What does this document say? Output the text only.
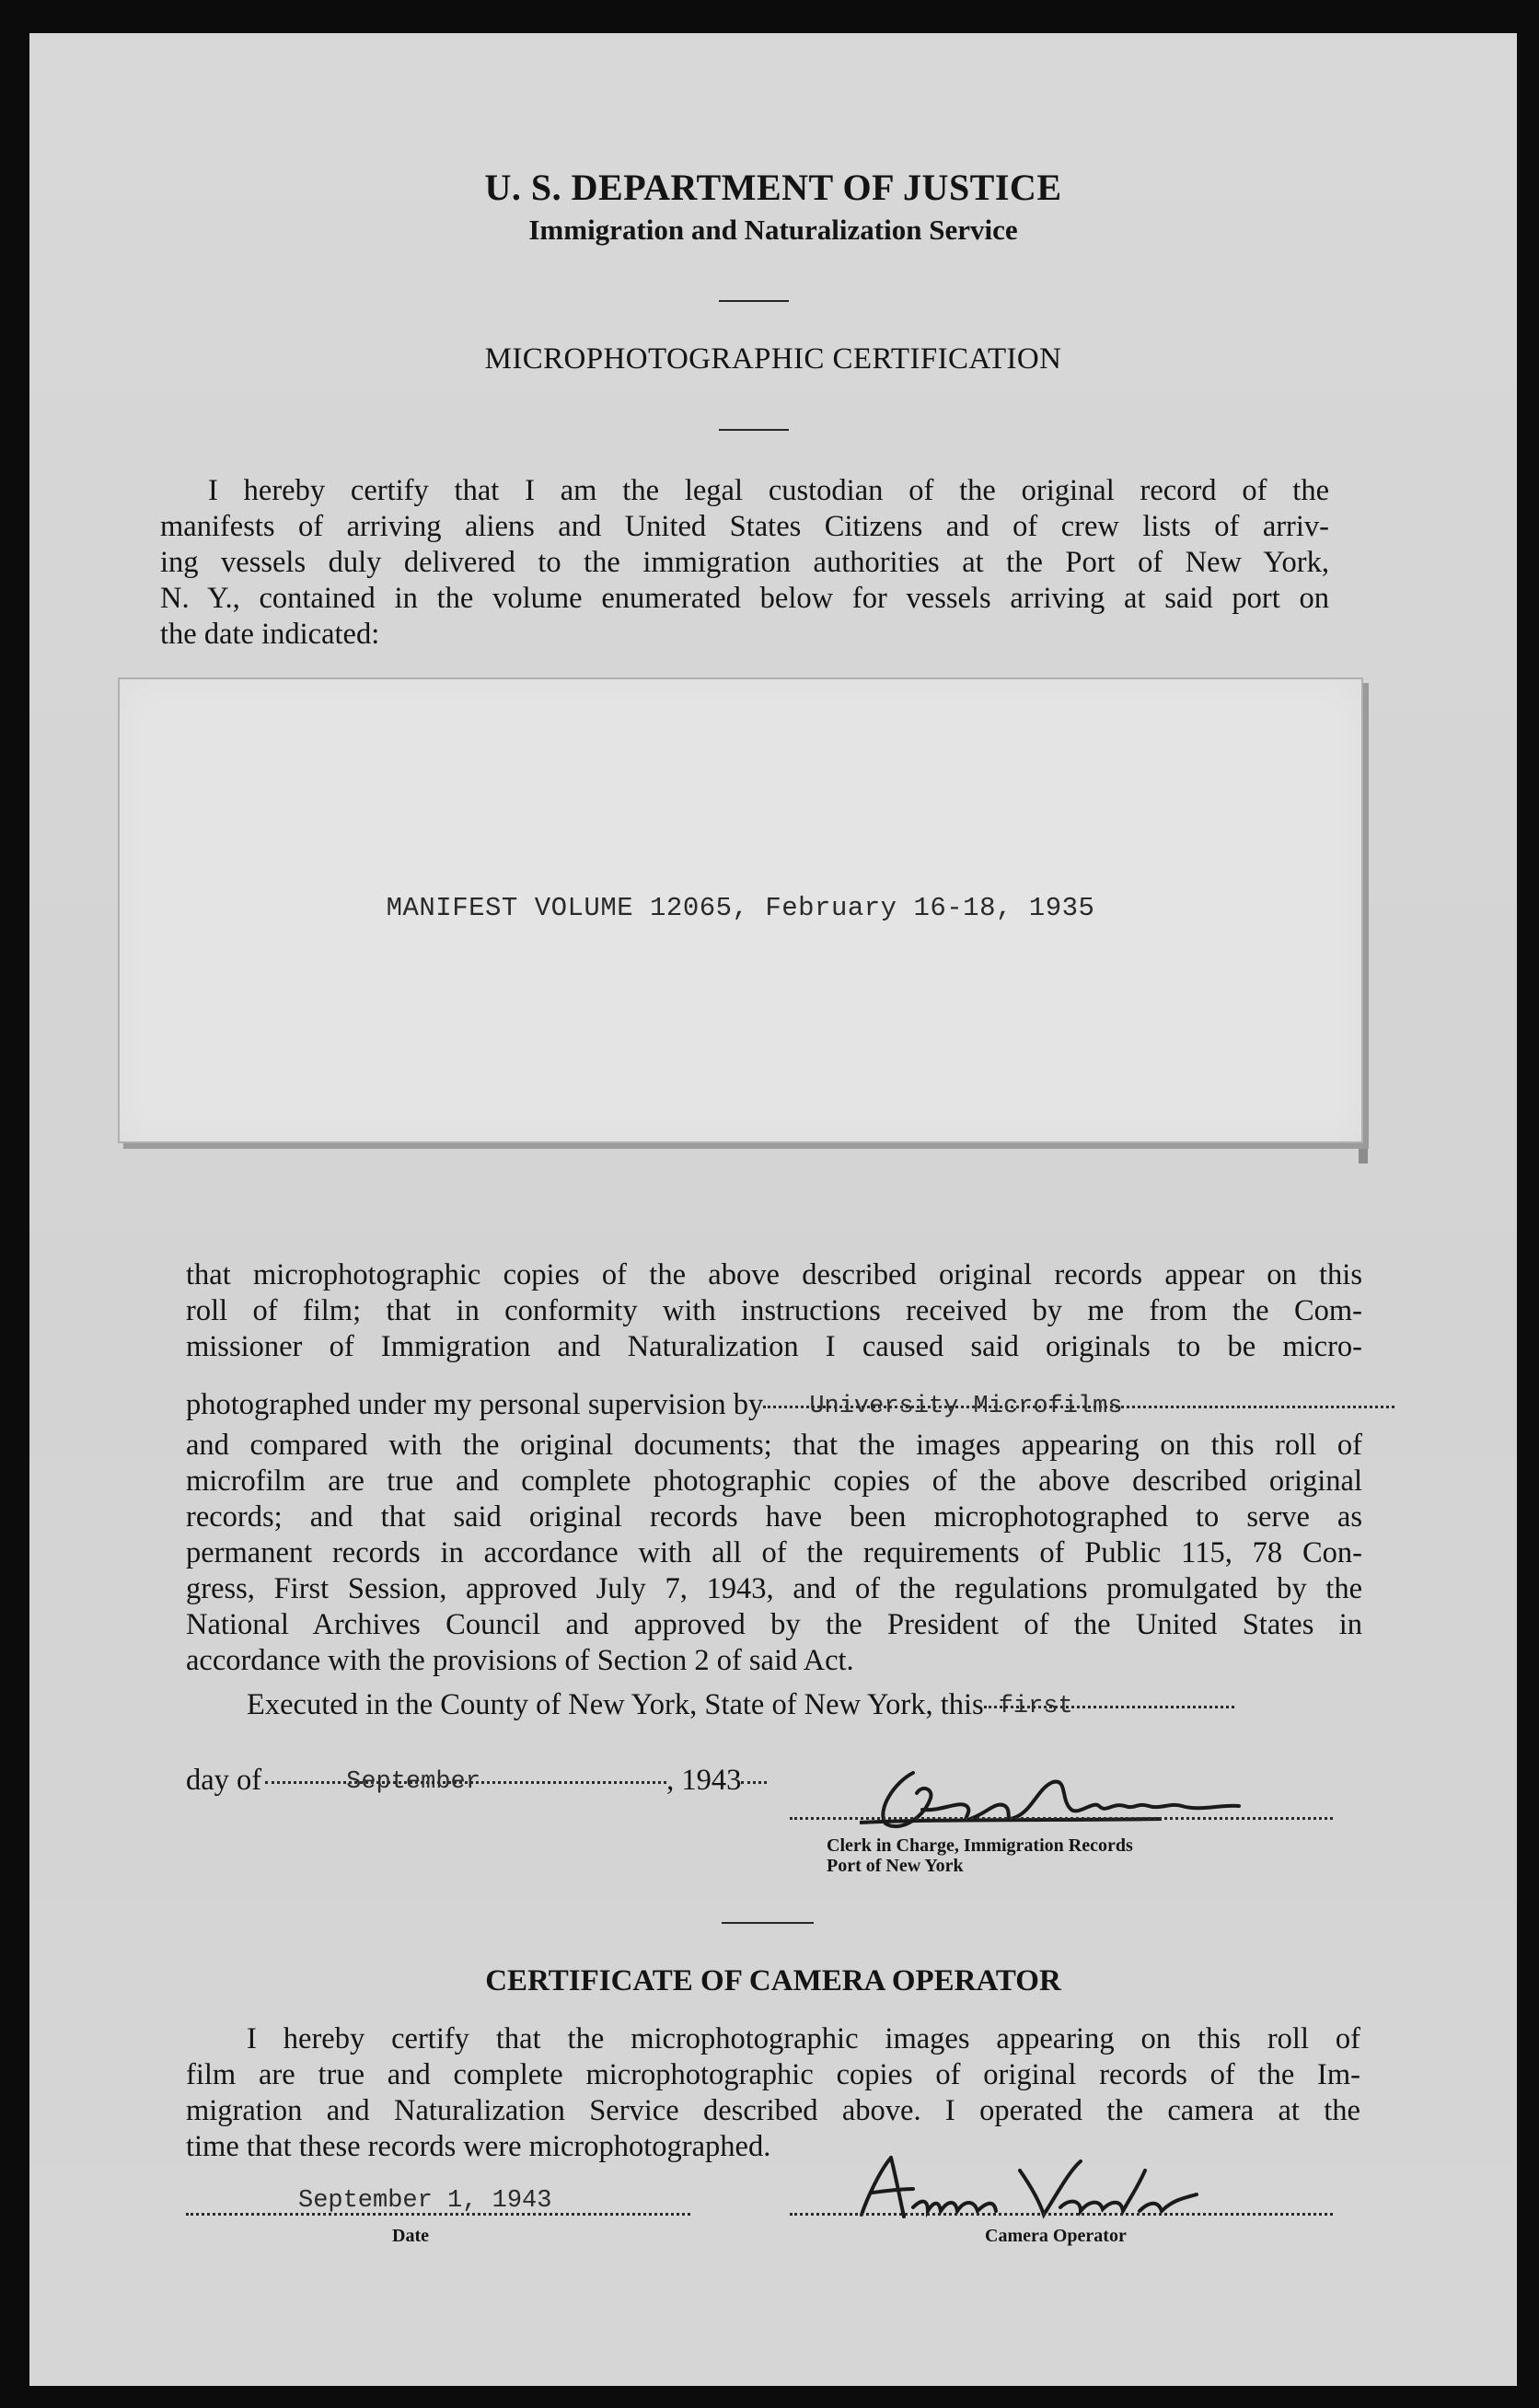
U. S. DEPARTMENT OF JUSTICE
Immigration and Naturalization Service
MICROPHOTOGRAPHIC CERTIFICATION
I hereby certify that I am the legal custodian of the original record of the
manifests of arriving aliens and United States Citizens and of crew lists of arriv-
ing vessels duly delivered to the immigration authorities at the Port of New York,
N. Y., contained in the volume enumerated below for vessels arriving at said port on
the date indicated:
MANIFEST VOLUME 12065, February 16-18, 1935
that microphotographic copies of the above described original records appear on this
roll of film; that in conformity with instructions received by me from the Com-
missioner of Immigration and Naturalization I caused said originals to be micro-
photographed under my personal supervision by University Microfilms
and compared with the original documents; that the images appearing on this roll of
microfilm are true and complete photographic copies of the above described original
records; and that said original records have been microphotographed to serve as
permanent records in accordance with all of the requirements of Public 115, 78 Con-
gress, First Session, approved July 7, 1943, and of the regulations promulgated by the
National Archives Council and approved by the President of the United States in
accordance with the provisions of Section 2 of said Act.
Executed in the County of New York, State of New York, this first
day of	September	, 1943
Clerk in Charge, Immigration Records
Port of New York
CERTIFICATE OF CAMERA OPERATOR
I hereby certify that the microphotographic images appearing on this roll of
film are true and complete microphotographic copies of original records of the Im-
migration and Naturalization Service described above. I operated the camera at the
time that these records were microphotographed.
September 1, 1943
Date	Camera Operator
